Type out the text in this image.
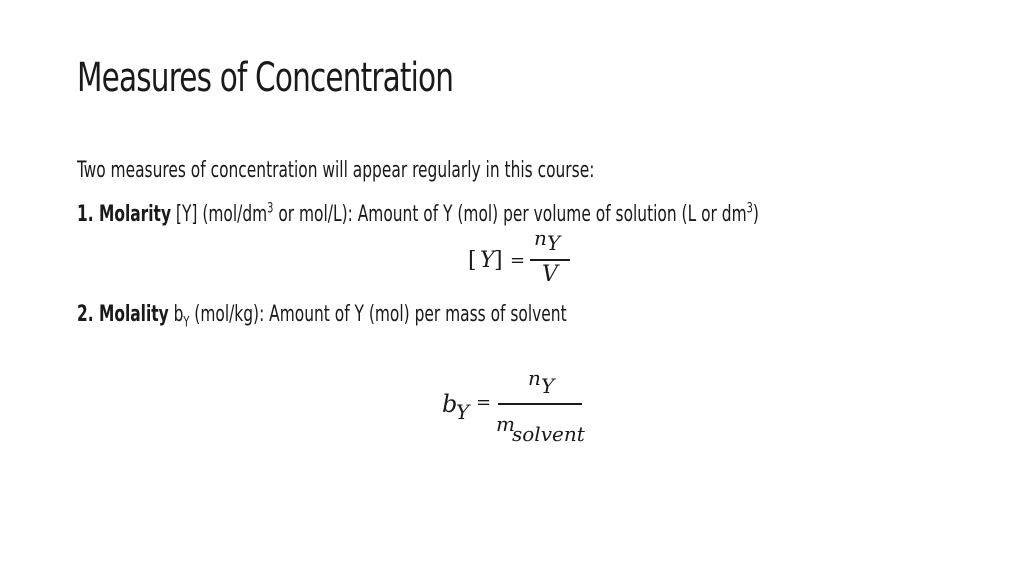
Measures of Concentration
Two measures of concentration will appear regularly in this course:
1. Molarity [Y] ($mol/dm^3$ or mol/L): Amount of Y (mol) per volume of solution (L or $dm^3$)
[ Y ] =
n Y
V
2. Molality $b_Y$ (mol/kg): Amount of Y (mol) per mass of solvent
b
Y =
n Y
m
solvent
